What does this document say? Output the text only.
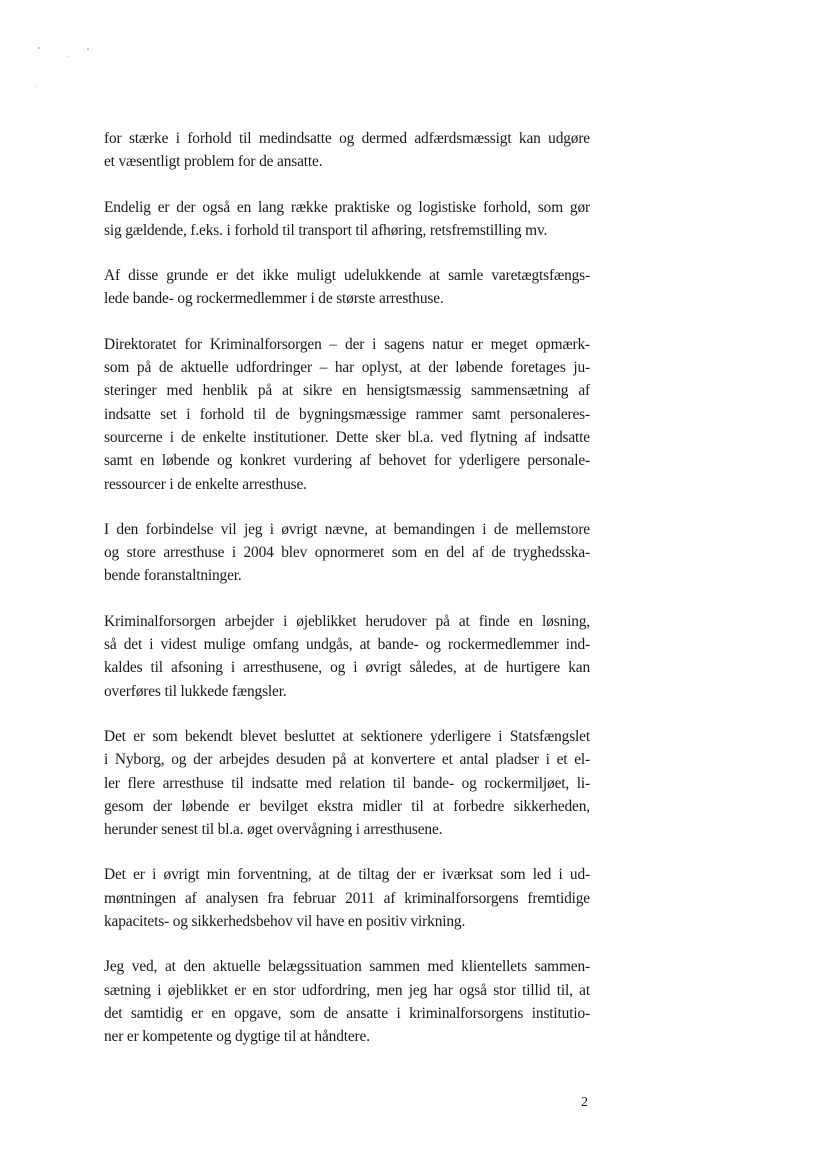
for stærke i forhold til medindsatte og dermed adfærdsmæssigt kan udgøre
et væsentligt problem for de ansatte.

Endelig er der også en lang række praktiske og logistiske forhold, som gør
sig gældende, f.eks. i forhold til transport til afhøring, retsfremstilling mv.

Af disse grunde er det ikke muligt udelukkende at samle varetægtsfængs-
lede bande- og rockermedlemmer i de største arresthuse.

Direktoratet for Kriminalforsorgen – der i sagens natur er meget opmærk-
som på de aktuelle udfordringer – har oplyst, at der løbende foretages ju-
steringer med henblik på at sikre en hensigtsmæssig sammensætning af
indsatte set i forhold til de bygningsmæssige rammer samt personaleres-
sourcerne i de enkelte institutioner. Dette sker bl.a. ved flytning af indsatte
samt en løbende og konkret vurdering af behovet for yderligere personale-
ressourcer i de enkelte arresthuse.

I den forbindelse vil jeg i øvrigt nævne, at bemandingen i de mellemstore
og store arresthuse i 2004 blev opnormeret som en del af de tryghedsska-
bende foranstaltninger.

Kriminalforsorgen arbejder i øjeblikket herudover på at finde en løsning,
så det i videst mulige omfang undgås, at bande- og rockermedlemmer ind-
kaldes til afsoning i arresthusene, og i øvrigt således, at de hurtigere kan
overføres til lukkede fængsler.

Det er som bekendt blevet besluttet at sektionere yderligere i Statsfængslet
i Nyborg, og der arbejdes desuden på at konvertere et antal pladser i et el-
ler flere arresthuse til indsatte med relation til bande- og rockermiljøet, li-
gesom der løbende er bevilget ekstra midler til at forbedre sikkerheden,
herunder senest til bl.a. øget overvågning i arresthusene.

Det er i øvrigt min forventning, at de tiltag der er iværksat som led i ud-
møntningen af analysen fra februar 2011 af kriminalforsorgens fremtidige
kapacitets- og sikkerhedsbehov vil have en positiv virkning.

Jeg ved, at den aktuelle belægssituation sammen med klientellets sammen-
sætning i øjeblikket er en stor udfordring, men jeg har også stor tillid til, at
det samtidig er en opgave, som de ansatte i kriminalforsorgens institutio-
ner er kompetente og dygtige til at håndtere.

2
